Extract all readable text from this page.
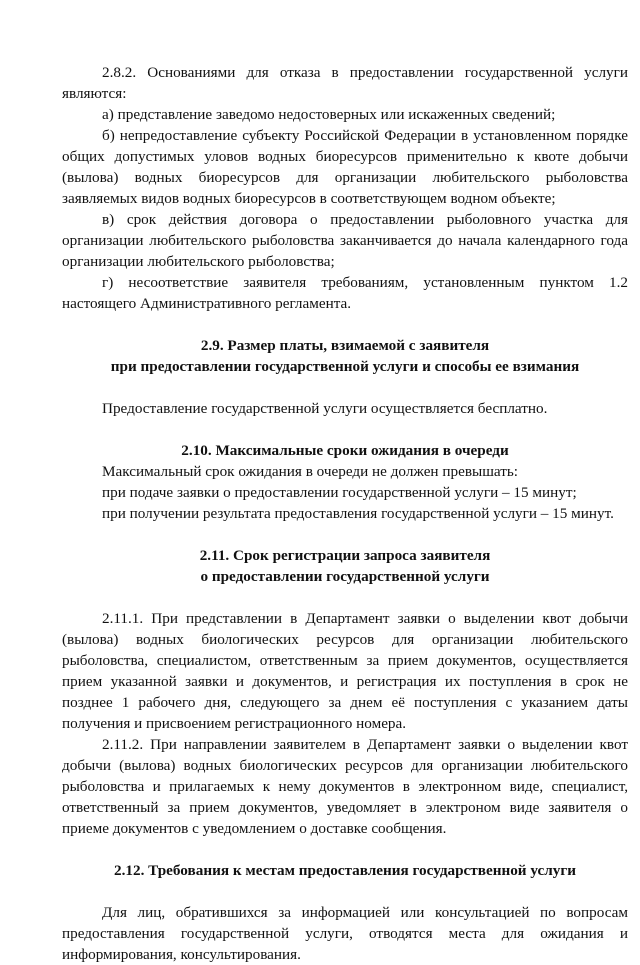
2.8.2. Основаниями для отказа в предоставлении государственной услуги являются:

а) представление заведомо недостоверных или искаженных сведений;

б) непредоставление субъекту Российской Федерации в установленном порядке общих допустимых уловов водных биоресурсов применительно к квоте добычи (вылова) водных биоресурсов для организации любительского рыболовства заявляемых видов водных биоресурсов в соответствующем водном объекте;

в) срок действия договора о предоставлении рыболовного участка для организации любительского рыболовства заканчивается до начала календарного года организации любительского рыболовства;

г) несоответствие заявителя требованиям, установленным пунктом 1.2 настоящего Административного регламента.

2.9. Размер платы, взимаемой с заявителя

при предоставлении государственной услуги и способы ее взимания

Предоставление государственной услуги осуществляется бесплатно.

2.10. Максимальные сроки ожидания в очереди

Максимальный срок ожидания в очереди не должен превышать:

при подаче заявки о предоставлении государственной услуги – 15 минут;

при получении результата предоставления государственной услуги – 15 минут.

2.11. Срок регистрации запроса заявителя

о предоставлении государственной услуги

2.11.1. При представлении в Департамент заявки о выделении квот добычи (вылова) водных биологических ресурсов для организации любительского рыболовства, специалистом, ответственным за прием документов, осуществляется прием указанной заявки и документов, и регистрация их поступления в срок не позднее 1 рабочего дня, следующего за днем её поступления с указанием даты получения и присвоением регистрационного номера.

2.11.2. При направлении заявителем в Департамент заявки о выделении квот добычи (вылова) водных биологических ресурсов для организации любительского рыболовства и прилагаемых к нему документов в электронном виде, специалист, ответственный за прием документов, уведомляет в электроном виде заявителя о приеме документов с уведомлением о доставке сообщения.

2.12. Требования к местам предоставления государственной услуги

Для лиц, обратившихся за информацией или консультацией по вопросам предоставления государственной услуги, отводятся места для ожидания и информирования, консультирования.
